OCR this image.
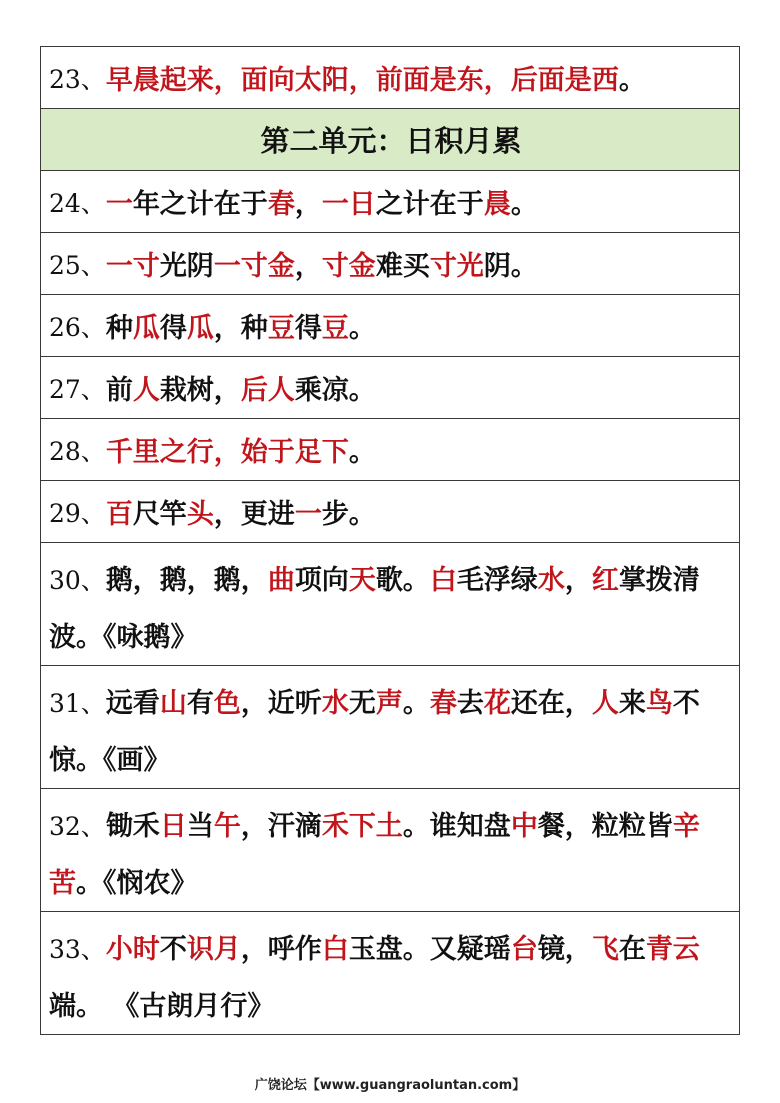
23、 早晨起来，面向太阳，前面是东，后面是西 。
第二单元：日积月累
24、 一 年之计在于 春 ， 一日 之计在于 晨 。
25、 一寸 光阴 一寸金 ， 寸金 难买 寸光 阴。
26、 种 瓜 得 瓜 ，种 豆 得 豆 。
27、 前 人 栽树， 后人 乘凉。
28、 千里之行，始于足下 。
29、 百 尺竿 头 ，更进 一 步。
30、鹅，鹅，鹅，曲项向天歌。白毛浮绿水，红掌拨清波。《咏鹅》
31、远看山有色，近听水无声。春去花还在，人来鸟不惊。《画》
32、锄禾日当午，汗滴禾下土。谁知盘中餐，粒粒皆辛苦。《悯农》
33、小时不识月，呼作白玉盘。又疑瑶台镜，飞在青云端。 《古朗月行》
广饶论坛【www.guangraoluntan.com】
